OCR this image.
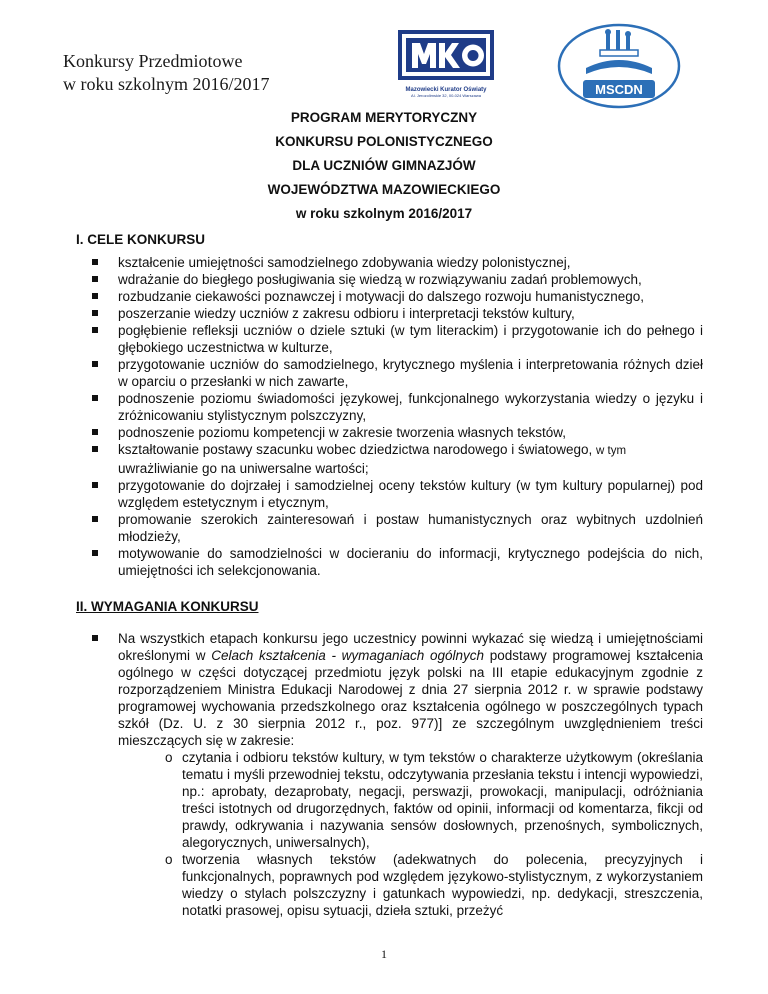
Konkursy Przedmiotowe
w roku szkolnym 2016/2017	Mazowiecki Kurator Oświaty
Al. Jerozolimskie 32, 00-024 Warszawa	MSCDN
PROGRAM MERYTORYCZNY
KONKURSU POLONISTYCZNEGO
DLA UCZNIÓW GIMNAZJÓW
WOJEWÓDZTWA MAZOWIECKIEGO
w roku szkolnym 2016/2017
I. CELE KONKURSU
kształcenie umiejętności samodzielnego zdobywania wiedzy polonistycznej,
wdrażanie do biegłego posługiwania się wiedzą w rozwiązywaniu zadań problemowych,
rozbudzanie ciekawości poznawczej i motywacji do dalszego rozwoju humanistycznego,
poszerzanie wiedzy uczniów z zakresu odbioru i interpretacji tekstów kultury,
pogłębienie refleksji uczniów o dziele sztuki (w tym literackim) i przygotowanie ich do pełnego i głębokiego uczestnictwa w kulturze,
przygotowanie uczniów do samodzielnego, krytycznego myślenia i interpretowania różnych dzieł w oparciu o przesłanki w nich zawarte,
podnoszenie poziomu świadomości językowej, funkcjonalnego wykorzystania wiedzy o języku i zróżnicowaniu stylistycznym polszczyzny,
podnoszenie poziomu kompetencji w zakresie tworzenia własnych tekstów,
kształtowanie postawy szacunku wobec dziedzictwa narodowego i światowego, w tym
uwrażliwianie go na uniwersalne wartości;
przygotowanie do dojrzałej i samodzielnej oceny tekstów kultury (w tym kultury popularnej) pod względem estetycznym i etycznym,
promowanie szerokich zainteresowań i postaw humanistycznych oraz wybitnych uzdolnień młodzieży,
motywowanie do samodzielności w docieraniu do informacji, krytycznego podejścia do nich, umiejętności ich selekcjonowania.
II. WYMAGANIA KONKURSU
Na wszystkich etapach konkursu jego uczestnicy powinni wykazać się wiedzą i umiejętnościami określonymi w Celach kształcenia - wymaganiach ogólnych podstawy programowej kształcenia ogólnego w części dotyczącej przedmiotu język polski na III etapie edukacyjnym zgodnie z rozporządzeniem Ministra Edukacji Narodowej z dnia 27 sierpnia 2012 r. w sprawie podstawy programowej wychowania przedszkolnego oraz kształcenia ogólnego w poszczególnych typach szkół (Dz. U. z 30 sierpnia 2012 r., poz. 977)] ze szczególnym uwzględnieniem treści mieszczących się w zakresie:
o czytania i odbioru tekstów kultury, w tym tekstów o charakterze użytkowym (określania tematu i myśli przewodniej tekstu, odczytywania przesłania tekstu i intencji wypowiedzi, np.: aprobaty, dezaprobaty, negacji, perswazji, prowokacji, manipulacji, odróżniania treści istotnych od drugorzędnych, faktów od opinii, informacji od komentarza, fikcji od prawdy, odkrywania i nazywania sensów dosłownych, przenośnych, symbolicznych, alegorycznych, uniwersalnych),
o tworzenia własnych tekstów (adekwatnych do polecenia, precyzyjnych i funkcjonalnych, poprawnych pod względem językowo-stylistycznym, z wykorzystaniem wiedzy o stylach polszczyzny i gatunkach wypowiedzi, np. dedykacji, streszczenia, notatki prasowej, opisu sytuacji, dzieła sztuki, przeżyć
1
